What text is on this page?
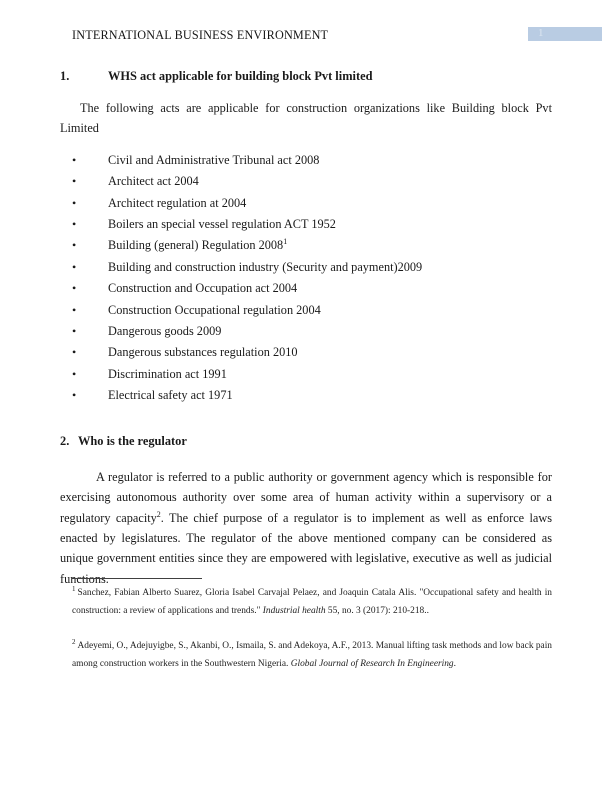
INTERNATIONAL BUSINESS ENVIRONMENT	1
1.	WHS act applicable for building block Pvt limited

The following acts are applicable for construction organizations like Building block Pvt Limited

•	Civil and Administrative Tribunal act 2008
•	Architect act 2004
•	Architect regulation at 2004
•	Boilers an special vessel regulation ACT 1952
•	Building (general) Regulation 2008$^1$
•	Building and construction industry (Security and payment)2009
•	Construction and Occupation act 2004
•	Construction Occupational regulation 2004
•	Dangerous goods 2009
•	Dangerous substances regulation 2010
•	Discrimination act 1991
•	Electrical safety act 1971
2. Who is the regulator

A regulator is referred to a public authority or government agency which is responsible for exercising autonomous authority over some area of human activity within a supervisory or a regulatory capacity$^2$. The chief purpose of a regulator is to implement as well as enforce laws enacted by legislatures. The regulator of the above mentioned company can be considered as unique government entities since they are empowered with legislative, executive as well as judicial functions.

$^1$ Sanchez, Fabian Alberto Suarez, Gloria Isabel Carvajal Pelaez, and Joaquin Catala Alis. "Occupational safety and health in construction: a review of applications and trends." Industrial health 55, no. 3 (2017): 210-218..

$^2$ Adeyemi, O., Adejuyigbe, S., Akanbi, O., Ismaila, S. and Adekoya, A.F., 2013. Manual lifting task methods and low back pain among construction workers in the Southwestern Nigeria. Global Journal of Research In Engineering.
